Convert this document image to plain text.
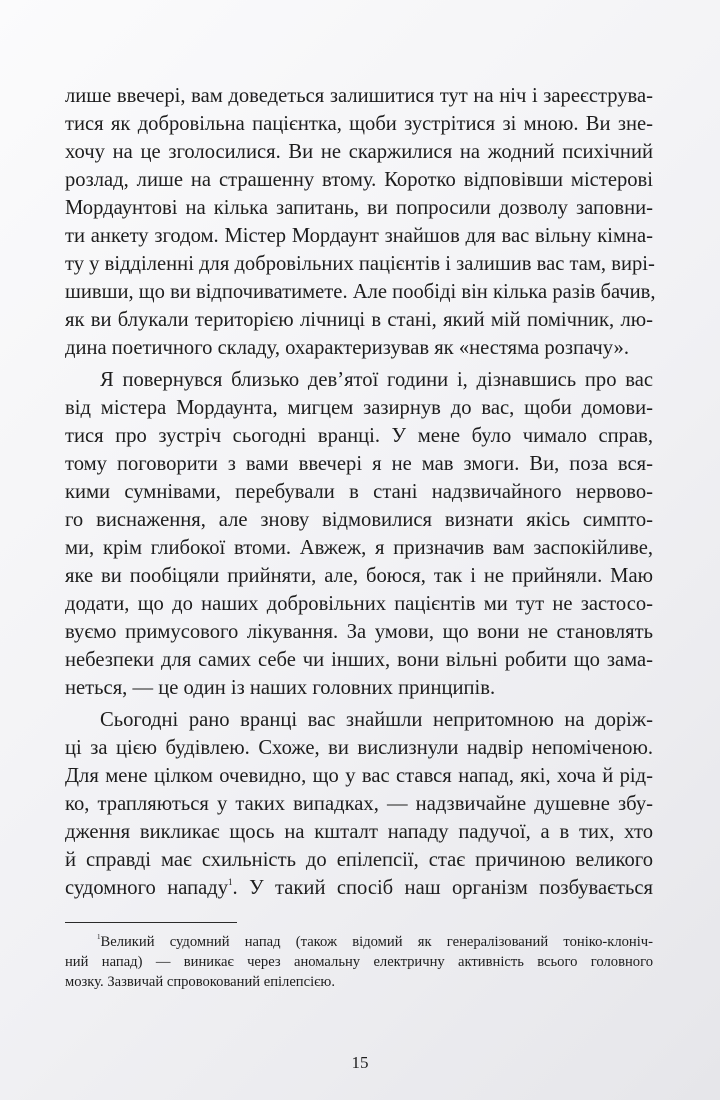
лише ввечері, вам доведеться залишитися тут на ніч і зареєструва-
тися як добровільна пацієнтка, щоби зустрітися зі мною. Ви зне-
хочу на це зголосилися. Ви не скаржилися на жодний психічний
розлад, лише на страшенну втому. Коротко відповівши містерові
Мордаунтові на кілька запитань, ви попросили дозволу заповни-
ти анкету згодом. Містер Мордаунт знайшов для вас вільну кімна-
ту у відділенні для добровільних пацієнтів і залишив вас там, вирі-
шивши, що ви відпочиватимете. Але пообіді він кілька разів бачив,
як ви блукали територією лічниці в стані, який мій помічник, лю-
дина поетичного складу, охарактеризував як «нестяма розпачу».
Я повернувся близько дев’ятої години і, дізнавшись про вас
від містера Мордаунта, мигцем зазирнув до вас, щоби домови-
тися про зустріч сьогодні вранці. У мене було чимало справ,
тому поговорити з вами ввечері я не мав змоги. Ви, поза вся-
кими сумнівами, перебували в стані надзвичайного нервово-
го виснаження, але знову відмовилися визнати якісь симпто-
ми, крім глибокої втоми. Авжеж, я призначив вам заспокійливе,
яке ви пообіцяли прийняти, але, боюся, так і не прийняли. Маю
додати, що до наших добровільних пацієнтів ми тут не застосо-
вуємо примусового лікування. За умови, що вони не становлять
небезпеки для самих себе чи інших, вони вільні робити що зама-
неться, — це один із наших головних принципів.
Сьогодні рано вранці вас знайшли непритомною на доріж-
ці за цією будівлею. Схоже, ви вислизнули надвір непоміченою.
Для мене цілком очевидно, що у вас стався напад, які, хоча й рід-
ко, трапляються у таких випадках, — надзвичайне душевне збу-
дження викликає щось на кшталт нападу падучої, а в тих, хто
й справді має схильність до епілепсії, стає причиною великого
судомного нападу$^1$. У такий спосіб наш організм позбувається
$^1$Великий судомний напад (також відомий як генералізований тоніко-клоніч-
ний напад) — виникає через аномальну електричну активність всього головного
мозку. Зазвичай спровокований епілепсією.
15
